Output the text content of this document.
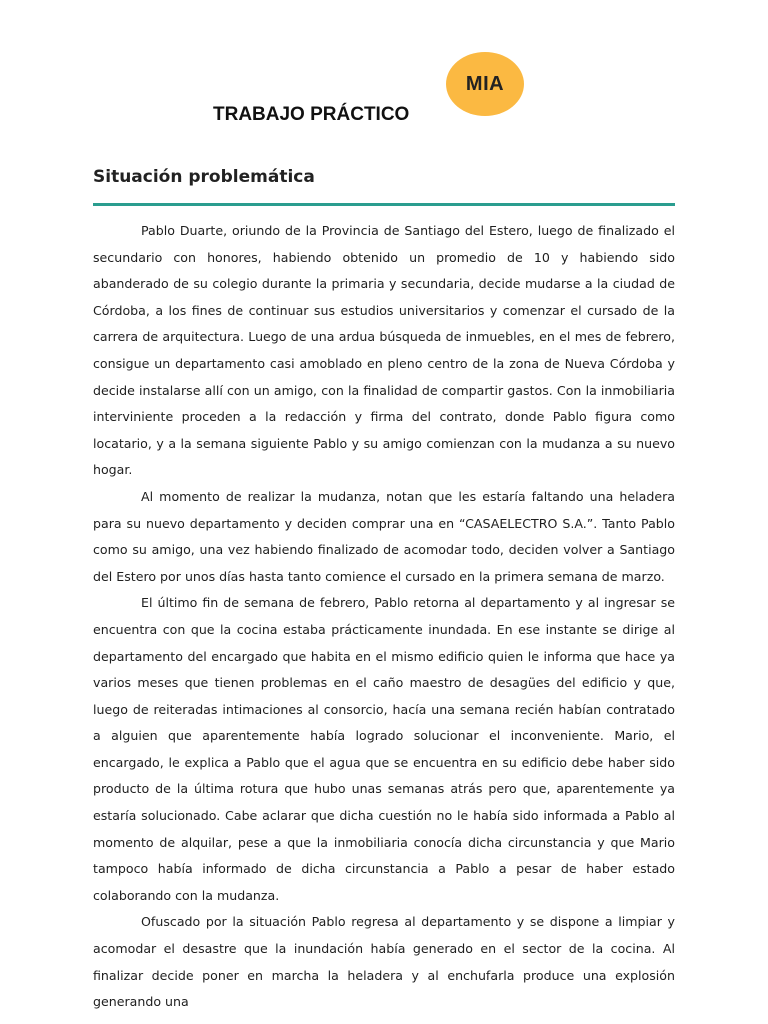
MIA
TRABAJO PRÁCTICO
Situación problemática

Pablo Duarte, oriundo de la Provincia de Santiago del Estero, luego de finalizado el secundario con honores, habiendo obtenido un promedio de 10 y habiendo sido abanderado de su colegio durante la primaria y secundaria, decide mudarse a la ciudad de Córdoba, a los fines de continuar sus estudios universitarios y comenzar el cursado de la carrera de arquitectura. Luego de una ardua búsqueda de inmuebles, en el mes de febrero, consigue un departamento casi amoblado en pleno centro de la zona de Nueva Córdoba y decide instalarse allí con un amigo, con la finalidad de compartir gastos. Con la inmobiliaria interviniente proceden a la redacción y firma del contrato, donde Pablo figura como locatario, y a la semana siguiente Pablo y su amigo comienzan con la mudanza a su nuevo hogar.

Al momento de realizar la mudanza, notan que les estaría faltando una heladera para su nuevo departamento y deciden comprar una en “CASAELECTRO S.A.”. Tanto Pablo como su amigo, una vez habiendo finalizado de acomodar todo, deciden volver a Santiago del Estero por unos días hasta tanto comience el cursado en la primera semana de marzo.

El último fin de semana de febrero, Pablo retorna al departamento y al ingresar se encuentra con que la cocina estaba prácticamente inundada. En ese instante se dirige al departamento del encargado que habita en el mismo edificio quien le informa que hace ya varios meses que tienen problemas en el caño maestro de desagües del edificio y que, luego de reiteradas intimaciones al consorcio, hacía una semana recién habían contratado a alguien que aparentemente había logrado solucionar el inconveniente. Mario, el encargado, le explica a Pablo que el agua que se encuentra en su edificio debe haber sido producto de la última rotura que hubo unas semanas atrás pero que, aparentemente ya estaría solucionado. Cabe aclarar que dicha cuestión no le había sido informada a Pablo al momento de alquilar, pese a que la inmobiliaria conocía dicha circunstancia y que Mario tampoco había informado de dicha circunstancia a Pablo a pesar de haber estado colaborando con la mudanza.

Ofuscado por la situación Pablo regresa al departamento y se dispone a limpiar y acomodar el desastre que la inundación había generado en el sector de la cocina. Al finalizar decide poner en marcha la heladera y al enchufarla produce una explosión generando una
